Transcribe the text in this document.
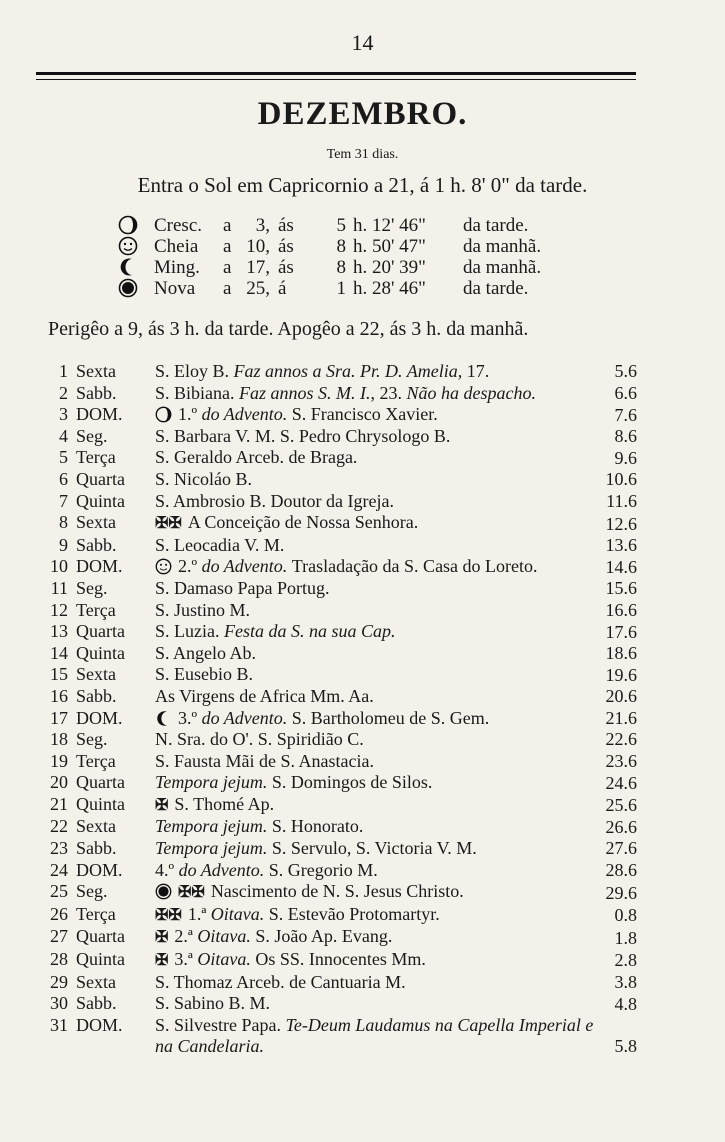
14
DEZEMBRO.
Tem 31 dias.
Entra o Sol em Capricornio a 21, á 1 h. 8' 0" da tarde.
Cresc. a	3, ás	5 h. 12' 46" da tarde.
Cheia a 10, ás	8 h. 50' 47" da manhã.
Ming. a 17, ás	8 h. 20' 39" da manhã.
Nova a 25, á	1 h. 28' 46" da tarde.
Perigêo a 9, ás 3 h. da tarde. Apogêo a 22, ás 3 h. da manhã.
1 Sexta S. Eloy B. Faz annos a Sra. Pr. D. Amelia, 17.	5.6
2 Sabb. S. Bibiana. Faz annos S. M. I., 23. Não ha despacho.	6.6
3 DOM.	1.º do Advento. S. Francisco Xavier.	7.6
4 Seg.	S. Barbara V. M. S. Pedro Chrysologo B.	8.6
5 Terça S. Geraldo Arceb. de Braga.	9.6
6 Quarta S. Nicoláo B.	10.6
7 Quinta S. Ambrosio B. Doutor da Igreja.	11.6
8 Sexta ✠✠ A Conceição de Nossa Senhora.	12.6
9 Sabb. S. Leocadia V. M.	13.6
10 DOM.	2.º do Advento. Trasladação da S. Casa do Loreto.	14.6
11 Seg.	S. Damaso Papa Portug.	15.6
12 Terça S. Justino M.	16.6
13 Quarta S. Luzia. Festa da S. na sua Cap.	17.6
14 Quinta S. Angelo Ab.	18.6
15 Sexta S. Eusebio B.	19.6
16 Sabb. As Virgens de Africa Mm. Aa.	20.6
17 DOM.	3.º do Advento. S. Bartholomeu de S. Gem.	21.6
18 Seg.	N. Sra. do O'. S. Spiridião C.	22.6
19 Terça S. Fausta Mãi de S. Anastacia.	23.6
20 Quarta Tempora jejum. S. Domingos de Silos.	24.6
21 Quinta ✠ S. Thomé Ap.	25.6
22 Sexta Tempora jejum. S. Honorato.	26.6
23 Sabb. Tempora jejum. S. Servulo, S. Victoria V. M.	27.6
24 DOM. 4.º do Advento. S. Gregorio M.	28.6
25 Seg.	✠✠ Nascimento de N. S. Jesus Christo.	29.6
26 Terça ✠✠ 1.ª Oitava. S. Estevão Protomartyr.	0.8
27 Quarta ✠ 2.ª Oitava. S. João Ap. Evang.	1.8
28 Quinta ✠ 3.ª Oitava. Os SS. Innocentes Mm.	2.8
29 Sexta S. Thomaz Arceb. de Cantuaria M.	3.8
30 Sabb. S. Sabino B. M.	4.8
31 DOM. S. Silvestre Papa. Te-Deum Laudamus na Capella Imperial e na Candelaria.	5.8
